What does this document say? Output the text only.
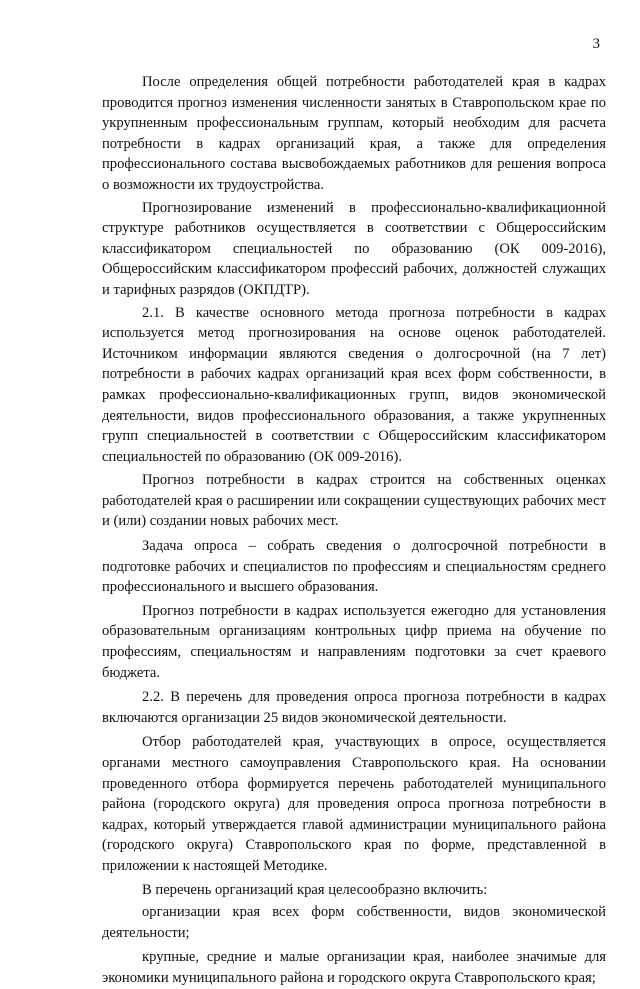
3

После определения общей потребности работодателей края в кадрах проводится прогноз изменения численности занятых в Ставропольском крае по укрупненным профессиональным группам, который необходим для расчета потребности в кадрах организаций края, а также для определения профессионального состава высвобождаемых работников для решения вопроса о возможности их трудоустройства.

Прогнозирование изменений в профессионально-квалификационной структуре работников осуществляется в соответствии с Общероссийским классификатором специальностей по образованию (ОК 009-2016), Общероссийским классификатором профессий рабочих, должностей служащих и тарифных разрядов (ОКПДТР).

2.1. В качестве основного метода прогноза потребности в кадрах используется метод прогнозирования на основе оценок работодателей. Источником информации являются сведения о долгосрочной (на 7 лет) потребности в рабочих кадрах организаций края всех форм собственности, в рамках профессионально-квалификационных групп, видов экономической деятельности, видов профессионального образования, а также укрупненных групп специальностей в соответствии с Общероссийским классификатором специальностей по образованию (ОК 009-2016).

Прогноз потребности в кадрах строится на собственных оценках работодателей края о расширении или сокращении существующих рабочих мест и (или) создании новых рабочих мест.

Задача опроса – собрать сведения о долгосрочной потребности в подготовке рабочих и специалистов по профессиям и специальностям среднего профессионального и высшего образования.

Прогноз потребности в кадрах используется ежегодно для установления образовательным организациям контрольных цифр приема на обучение по профессиям, специальностям и направлениям подготовки за счет краевого бюджета.

2.2. В перечень для проведения опроса прогноза потребности в кадрах включаются организации 25 видов экономической деятельности.

Отбор работодателей края, участвующих в опросе, осуществляется органами местного самоуправления Ставропольского края. На основании проведенного отбора формируется перечень работодателей муниципального района (городского округа) для проведения опроса прогноза потребности в кадрах, который утверждается главой администрации муниципального района (городского округа) Ставропольского края по форме, представленной в приложении к настоящей Методике.

В перечень организаций края целесообразно включить:

организации края всех форм собственности, видов экономической деятельности;

крупные, средние и малые организации края, наиболее значимые для экономики муниципального района и городского округа Ставропольского края;
